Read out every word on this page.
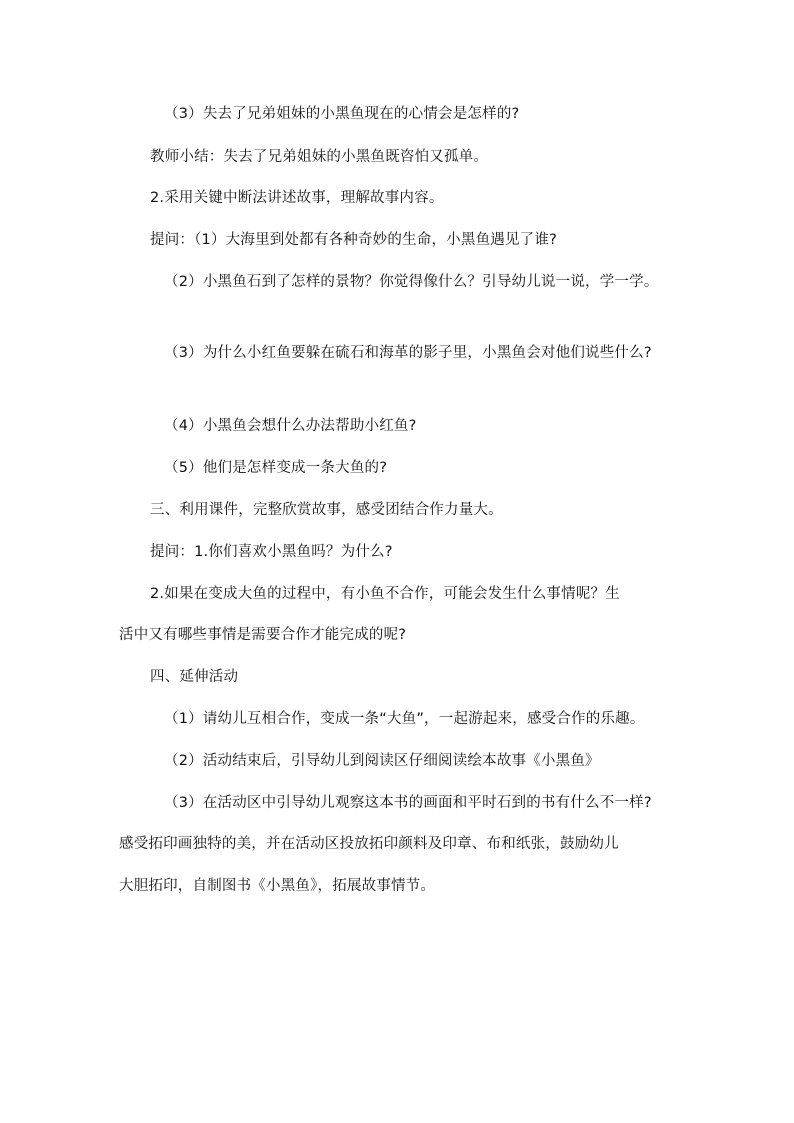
（3）失去了兄弟姐妹的小黑鱼现在的心情会是怎样的?
教师小结：失去了兄弟姐妹的小黑鱼既咨怕又孤单。
2.采用关键中断法讲述故事，理解故事内容。
提问：（1）大海里到处都有各种奇妙的生命，小黑鱼遇见了谁?
（2）小黑鱼石到了怎样的景物？你觉得像什么？引导幼儿说一说，学一学。
（3）为什么小红鱼要躲在硫石和海革的影子里，小黑鱼会对他们说些什么?
（4）小黑鱼会想什么办法帮助小红鱼?
（5）他们是怎样变成一条大鱼的?
三、利用课件，完整欣赏故事，感受团结合作力量大。
提问：1.你们喜欢小黑鱼吗？为什么?
2.如果在变成大鱼的过程中，有小鱼不合作，可能会发生什么事情呢？生
活中又有哪些事情是需要合作才能完成的呢?
四、延伸活动
（1）请幼儿互相合作，变成一条“大鱼”，一起游起来，感受合作的乐趣。
（2）活动结束后，引导幼儿到阅读区仔细阅读绘本故事《小黑鱼》
（3）在活动区中引导幼儿观察这本书的画面和平时石到的书有什么不一样?
感受拓印画独特的美，并在活动区投放拓印颜料及印章、布和纸张，鼓励幼儿
大胆拓印，自制图书《小黑鱼》，拓展故事情节。
